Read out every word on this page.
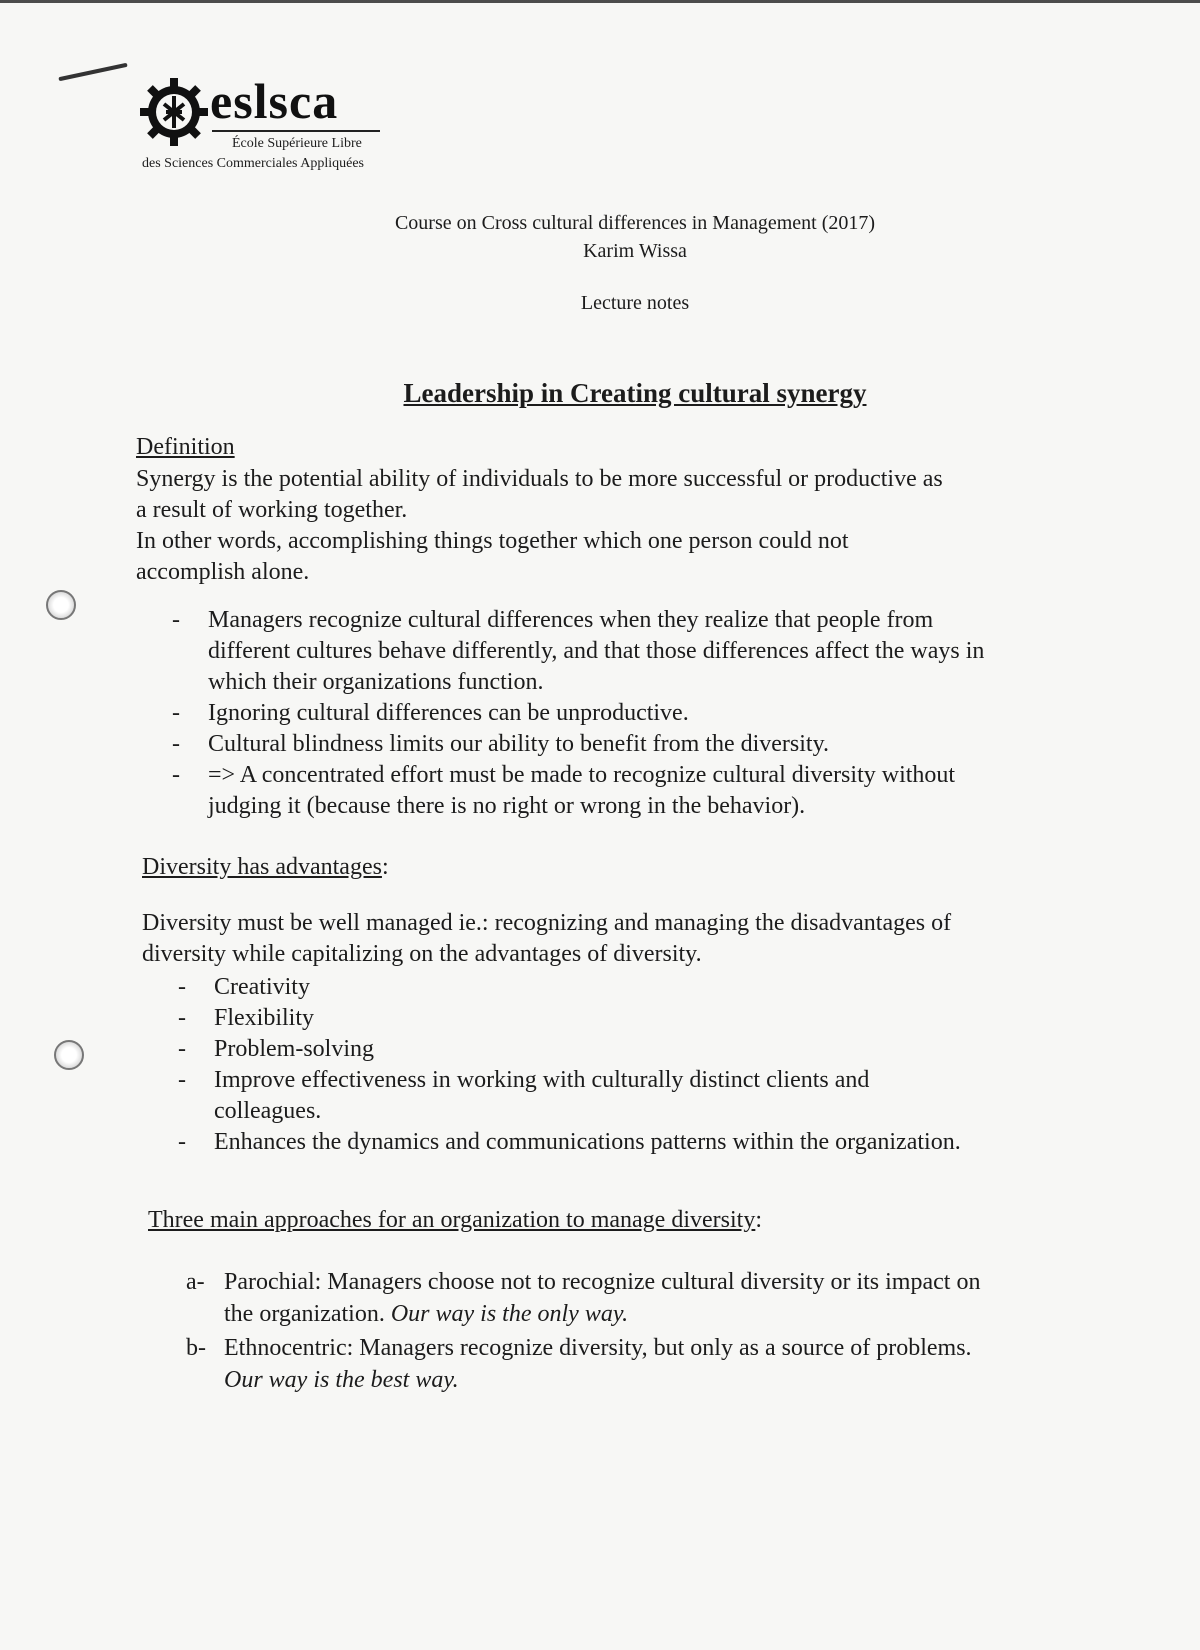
eslsca
École Supérieure Libre
des Sciences Commerciales Appliquées
Course on Cross cultural differences in Management (2017)
Karim Wissa
Lecture notes
Leadership in Creating cultural synergy
Definition
Synergy is the potential ability of individuals to be more successful or productive as a result of working together.
In other words, accomplishing things together which one person could not accomplish alone.
- Managers recognize cultural differences when they realize that people from different cultures behave differently, and that those differences affect the ways in which their organizations function.
- Ignoring cultural differences can be unproductive.
- Cultural blindness limits our ability to benefit from the diversity.
- => A concentrated effort must be made to recognize cultural diversity without judging it (because there is no right or wrong in the behavior).
Diversity has advantages:
Diversity must be well managed ie.: recognizing and managing the disadvantages of diversity while capitalizing on the advantages of diversity.
- Creativity
- Flexibility
- Problem-solving
- Improve effectiveness in working with culturally distinct clients and colleagues.
- Enhances the dynamics and communications patterns within the organization.
Three main approaches for an organization to manage diversity:
a- Parochial: Managers choose not to recognize cultural diversity or its impact on the organization. Our way is the only way.
b- Ethnocentric: Managers recognize diversity, but only as a source of problems. Our way is the best way.
